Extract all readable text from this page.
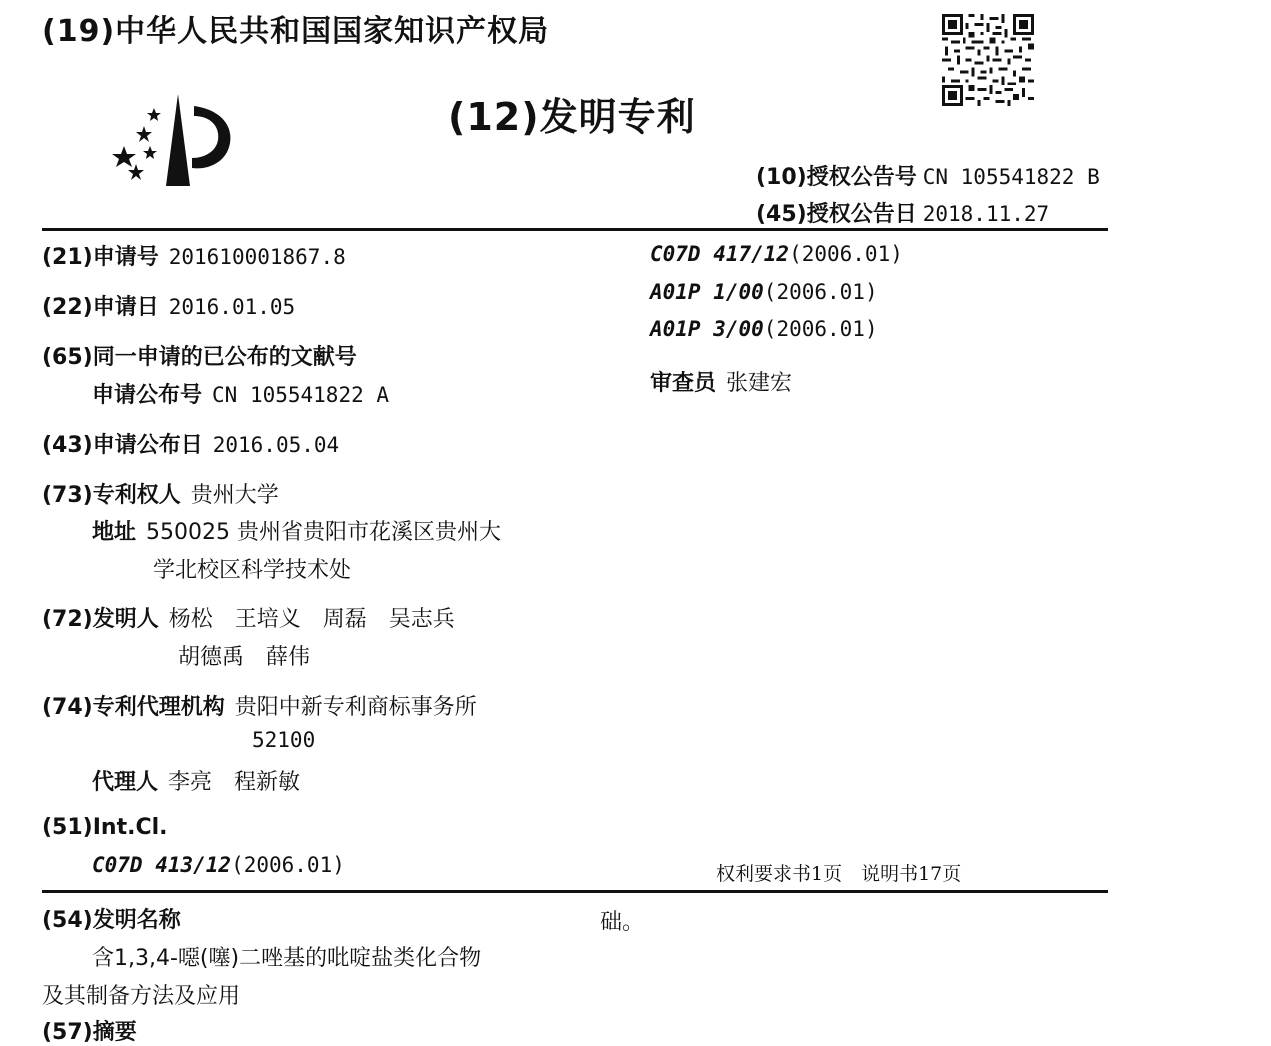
(19)中华人民共和国国家知识产权局
(12)发明专利
(10)授权公告号 CN 105541822 B
(45)授权公告日 2018.11.27
(21)申请号 201610001867.8
(22)申请日 2016.01.05
(65)同一申请的已公布的文献号
申请公布号 CN 105541822 A
(43)申请公布日 2016.05.04
(73)专利权人 贵州大学
地址 550025 贵州省贵阳市花溪区贵州大
学北校区科学技术处
(72)发明人 杨松　王培义　周磊　吴志兵
胡德禹　薛伟
(74)专利代理机构 贵阳中新专利商标事务所
52100
代理人 李亮　程新敏
(51)Int.Cl.
C07D 413/12(2006.01)
C07D 417/12(2006.01)
A01P 1/00(2006.01)
A01P 3/00(2006.01)
审查员 张建宏
权利要求书1页　说明书17页
(54)发明名称
含1,3,4-噁(噻)二唑基的吡啶盐类化合物
及其制备方法及应用
(57)摘要
础。
